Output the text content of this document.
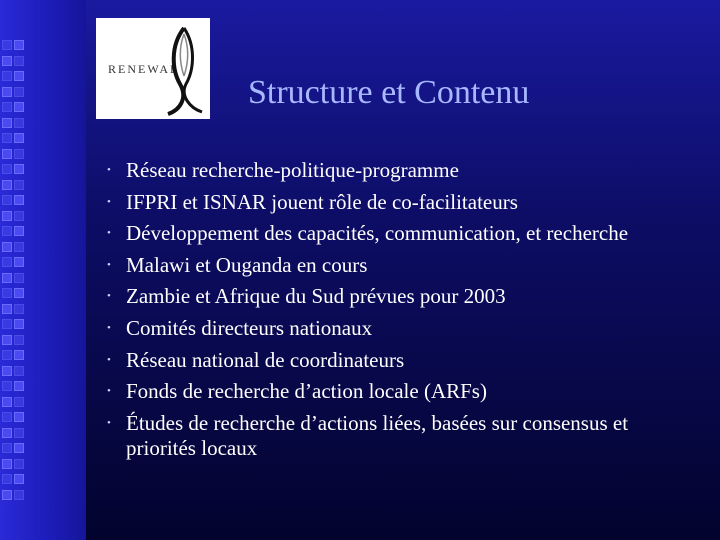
RENEWAL
Structure et Contenu
• Réseau recherche-politique-programme
• IFPRI et ISNAR jouent rôle de co-facilitateurs
• Développement des capacités, communication, et recherche
• Malawi et Ouganda en cours
• Zambie et Afrique du Sud prévues pour 2003
• Comités directeurs nationaux
• Réseau national de coordinateurs
• Fonds de recherche d’action locale (ARFs)
• Études de recherche d’actions liées, basées sur consensus et priorités locaux
